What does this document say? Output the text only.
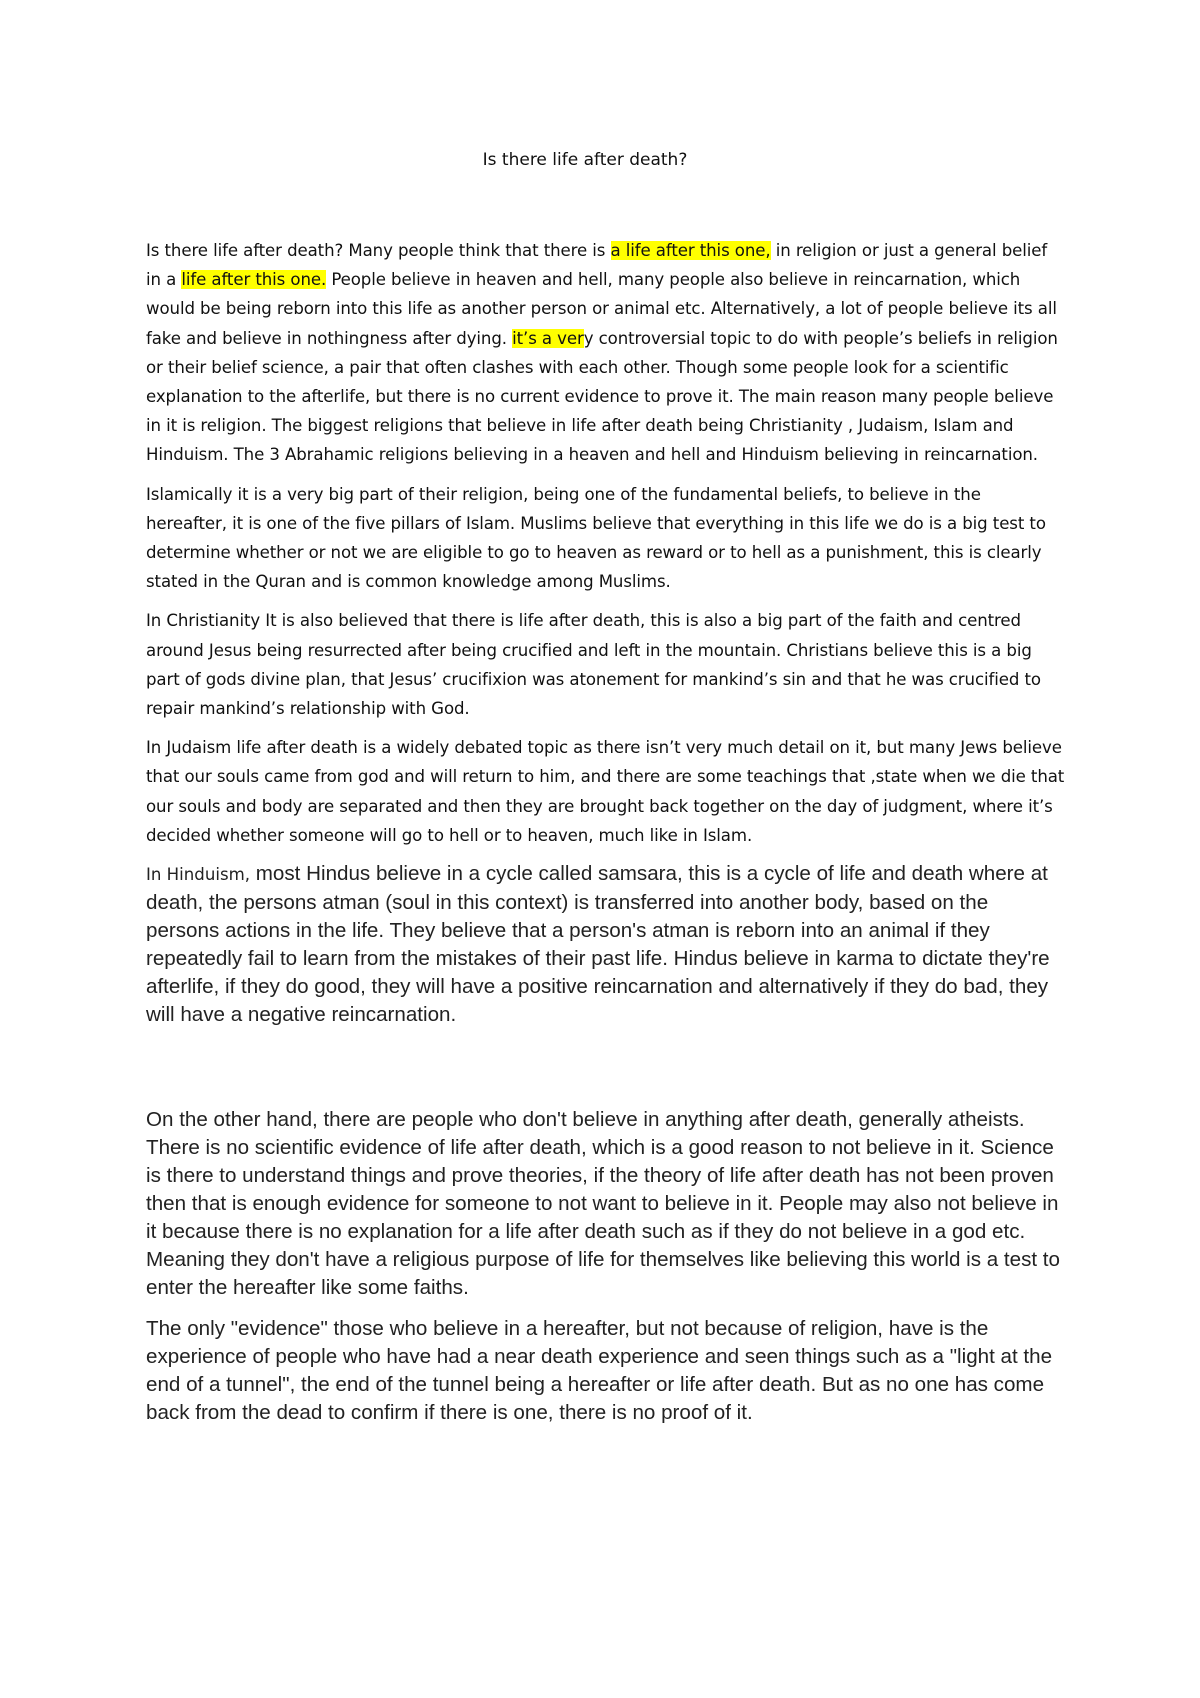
Is there life after death?

Is there life after death? Many people think that there is a life after this one, in religion or just a general belief in a life after this one. People believe in heaven and hell, many people also believe in reincarnation, which would be being reborn into this life as another person or animal etc. Alternatively, a lot of people believe its all fake and believe in nothingness after dying. it’s a very controversial topic to do with people’s beliefs in religion or their belief science, a pair that often clashes with each other. Though some people look for a scientific explanation to the afterlife, but there is no current evidence to prove it. The main reason many people believe in it is religion. The biggest religions that believe in life after death being Christianity , Judaism, Islam and Hinduism. The 3 Abrahamic religions believing in a heaven and hell and Hinduism believing in reincarnation.

Islamically it is a very big part of their religion, being one of the fundamental beliefs, to believe in the hereafter, it is one of the five pillars of Islam. Muslims believe that everything in this life we do is a big test to determine whether or not we are eligible to go to heaven as reward or to hell as a punishment, this is clearly stated in the Quran and is common knowledge among Muslims.

In Christianity It is also believed that there is life after death, this is also a big part of the faith and centred around Jesus being resurrected after being crucified and left in the mountain. Christians believe this is a big part of gods divine plan, that Jesus’ crucifixion was atonement for mankind’s sin and that he was crucified to repair mankind’s relationship with God.

In Judaism life after death is a widely debated topic as there isn’t very much detail on it, but many Jews believe that our souls came from god and will return to him, and there are some teachings that ,state when we die that our souls and body are separated and then they are brought back together on the day of judgment, where it’s decided whether someone will go to hell or to heaven, much like in Islam.

In Hinduism, most Hindus believe in a cycle called samsara, this is a cycle of life and death where at death, the persons atman (soul in this context) is transferred into another body, based on the persons actions in the life. They believe that a person's atman is reborn into an animal if they repeatedly fail to learn from the mistakes of their past life. Hindus believe in karma to dictate they're afterlife, if they do good, they will have a positive reincarnation and alternatively if they do bad, they will have a negative reincarnation.

On the other hand, there are people who don't believe in anything after death, generally atheists. There is no scientific evidence of life after death, which is a good reason to not believe in it. Science is there to understand things and prove theories, if the theory of life after death has not been proven then that is enough evidence for someone to not want to believe in it. People may also not believe in it because there is no explanation for a life after death such as if they do not believe in a god etc. Meaning they don't have a religious purpose of life for themselves like believing this world is a test to enter the hereafter like some faiths.

The only "evidence" those who believe in a hereafter, but not because of religion, have is the experience of people who have had a near death experience and seen things such as a "light at the end of a tunnel", the end of the tunnel being a hereafter or life after death. But as no one has come back from the dead to confirm if there is one, there is no proof of it.
